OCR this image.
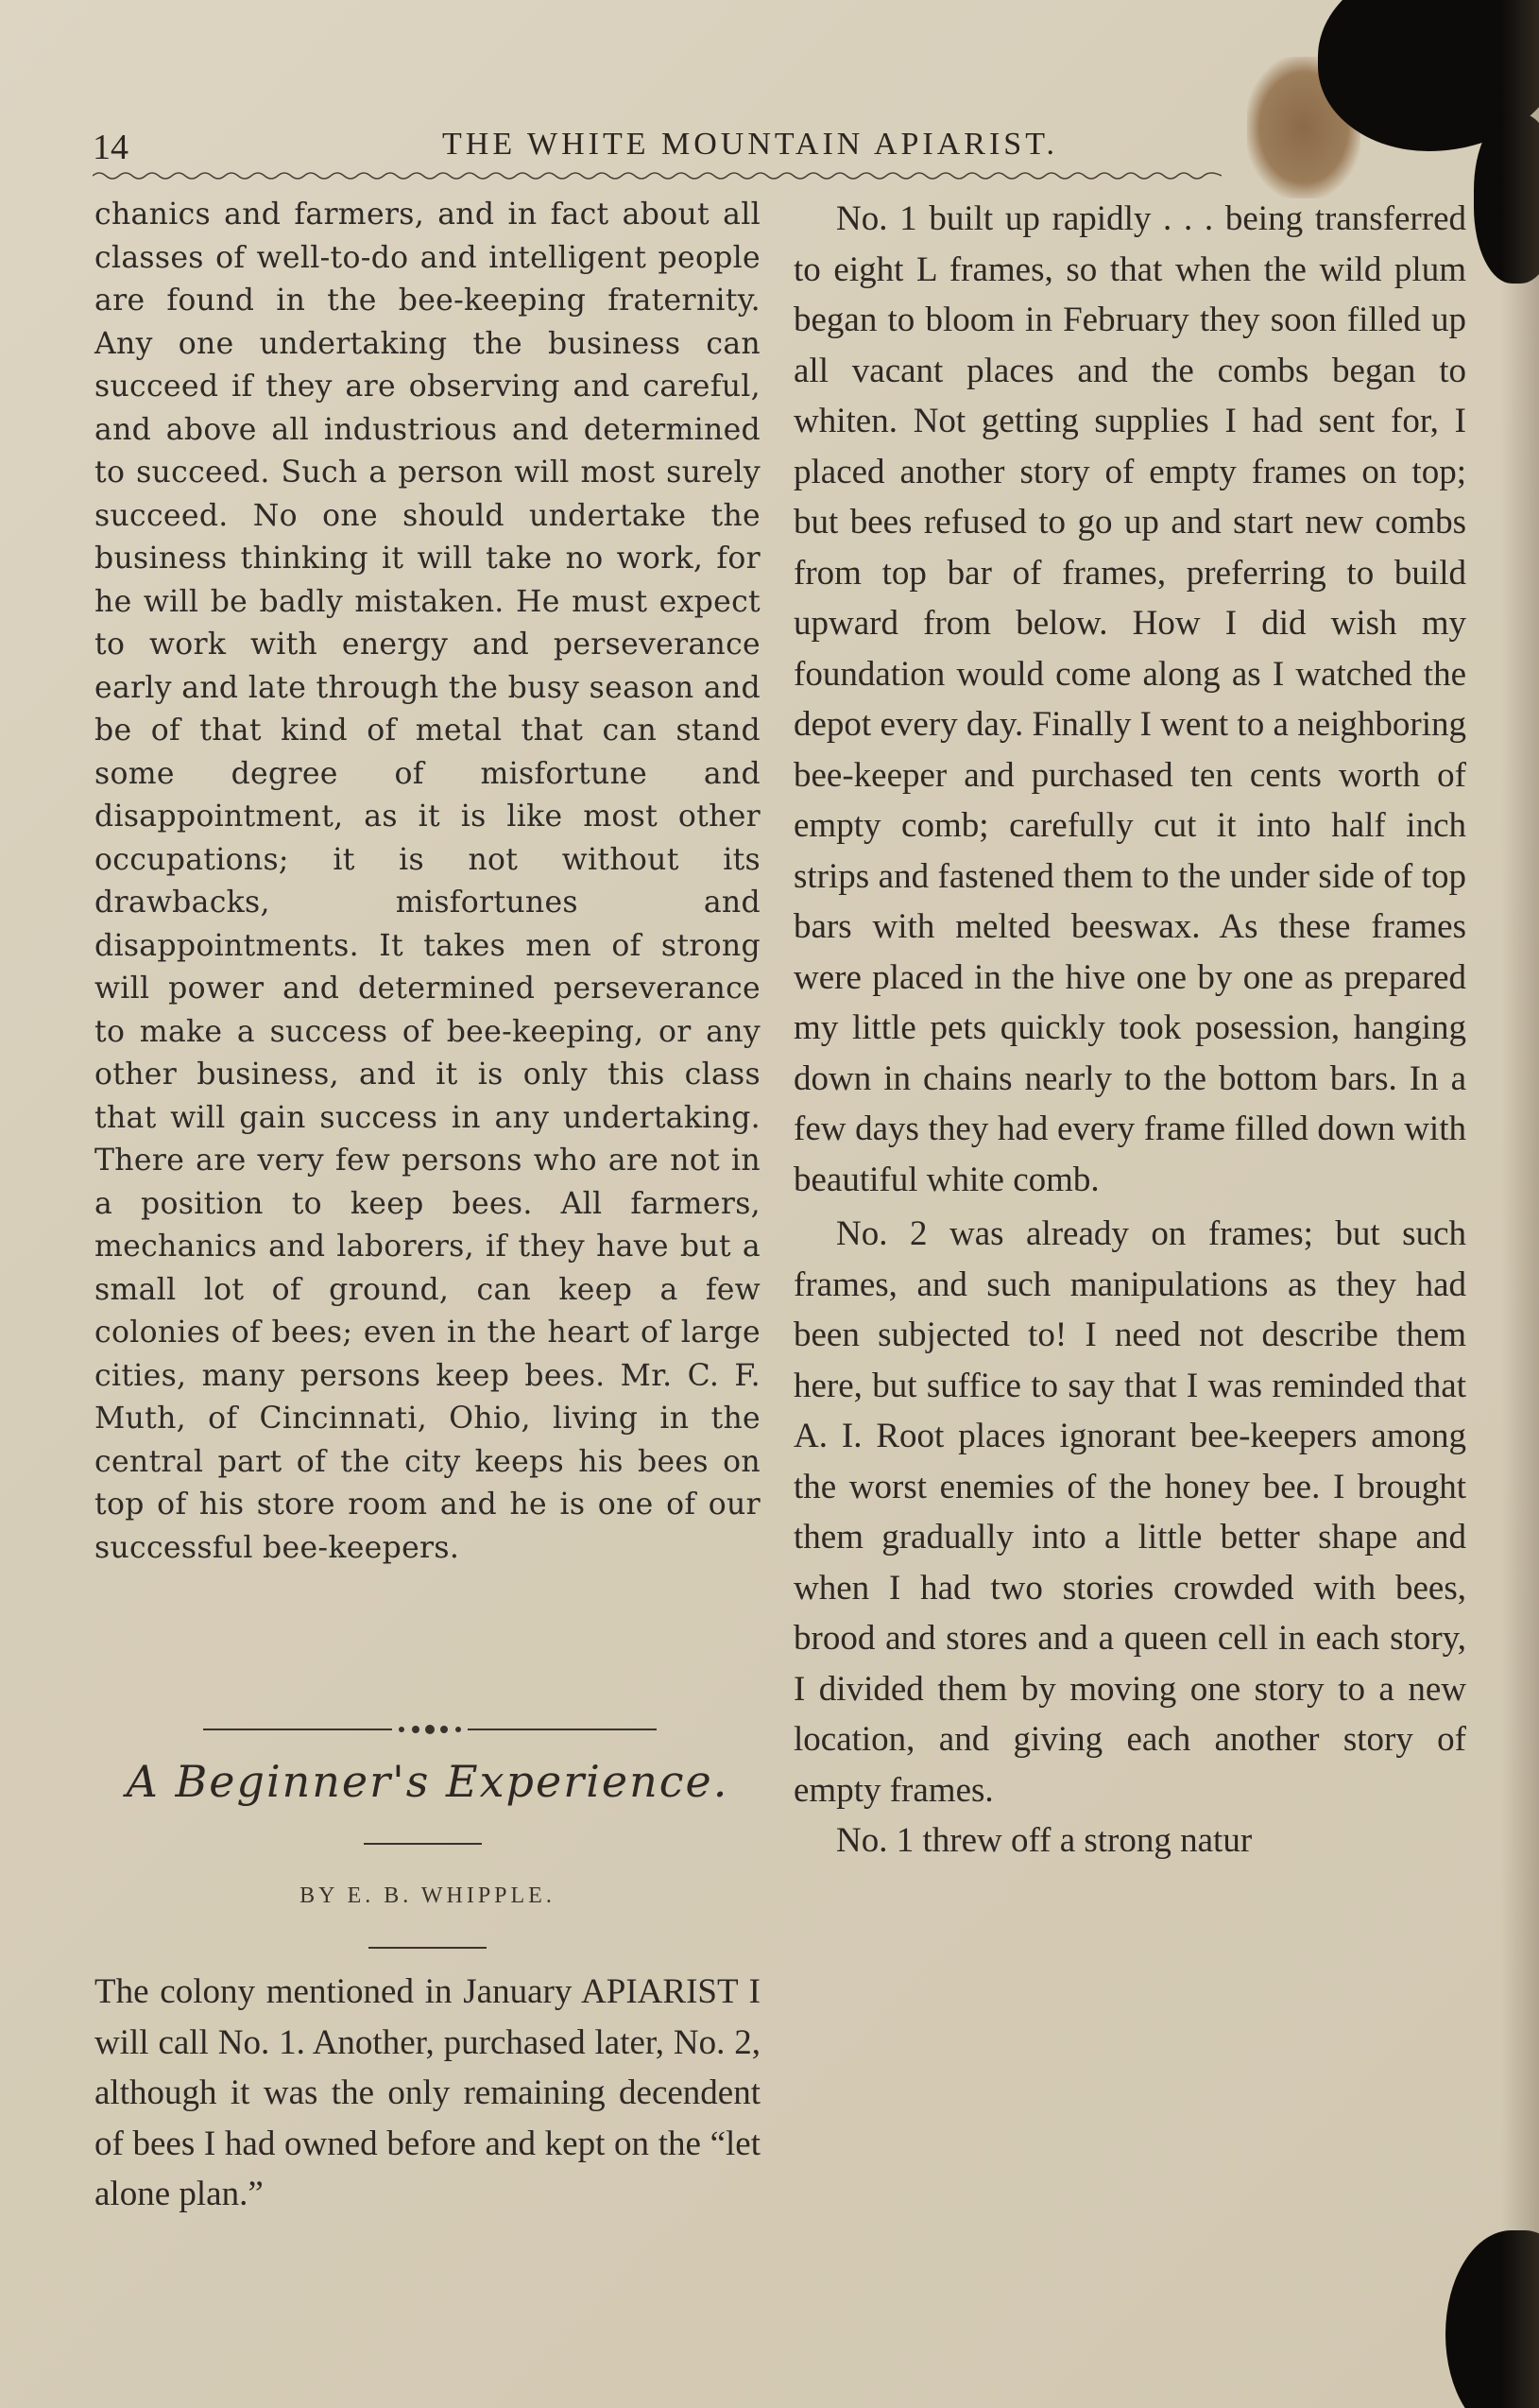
14	THE WHITE MOUNTAIN APIARIST.

chanics and farmers, and in fact about all classes of well-to-do and intelligent people are found in the bee-keeping fraternity. Any one undertaking the business can succeed if they are observing and careful, and above all industrious and determined to succeed. Such a person will most surely succeed. No one should undertake the business thinking it will take no work, for he will be badly mistaken. He must expect to work with energy and perseverance early and late through the busy season and be of that kind of metal that can stand some degree of misfortune and disappointment, as it is like most other occupations; it is not without its drawbacks, misfortunes and disappointments. It takes men of strong will power and determined perseverance to make a success of bee-keeping, or any other business, and it is only this class that will gain success in any undertaking. There are very few persons who are not in a position to keep bees. All farmers, mechanics and laborers, if they have but a small lot of ground, can keep a few colonies of bees; even in the heart of large cities, many persons keep bees. Mr. C. F. Muth, of Cincinnati, Ohio, living in the central part of the city keeps his bees on top of his store room and he is one of our successful bee-keepers.

A Beginner's Experience.
BY E. B. WHIPPLE.
The colony mentioned in January APIARIST I will call No. 1. Another, purchased later, No. 2, although it was the only remaining decendent of bees I had owned before and kept on the “let alone plan.”

No. 1 built up rapidly . . . being transferred to eight L frames, so that when the wild plum began to bloom in February they soon filled up all vacant places and the combs began to whiten. Not getting supplies I had sent for, I placed another story of empty frames on top; but bees refused to go up and start new combs from top bar of frames, preferring to build upward from below. How I did wish my foundation would come along as I watched the depot every day. Finally I went to a neighboring bee-keeper and purchased ten cents worth of empty comb; carefully cut it into half inch strips and fastened them to the under side of top bars with melted beeswax. As these frames were placed in the hive one by one as prepared my little pets quickly took posession, hanging down in chains nearly to the bottom bars. In a few days they had every frame filled down with beautiful white comb.

No. 2 was already on frames; but such frames, and such manipulations as they had been subjected to! I need not describe them here, but suffice to say that I was reminded that A. I. Root places ignorant bee-keepers among the worst enemies of the honey bee. I brought them gradually into a little better shape and when I had two stories crowded with bees, brood and stores and a queen cell in each story, I divided them by moving one story to a new location, and giving each another story of empty frames.

No. 1 threw off a strong natur
